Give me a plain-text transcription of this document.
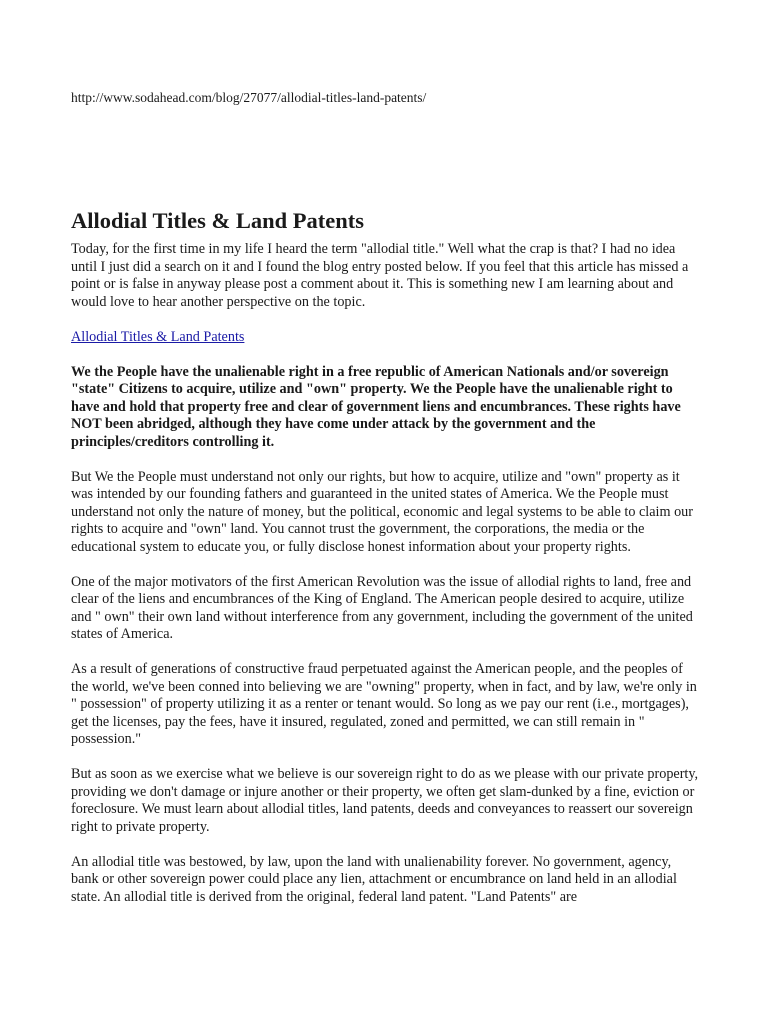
http://www.sodahead.com/blog/27077/allodial-titles-land-patents/
Allodial Titles & Land Patents

Today, for the first time in my life I heard the term "allodial title." Well what the crap is that? I had no idea until I just did a search on it and I found the blog entry posted below. If you feel that this article has missed a point or is false in anyway please post a comment about it. This is something new I am learning about and would love to hear another perspective on the topic.

Allodial Titles & Land Patents

We the People have the unalienable right in a free republic of American Nationals and/or sovereign "state" Citizens to acquire, utilize and "own" property. We the People have the unalienable right to have and hold that property free and clear of government liens and encumbrances. These rights have NOT been abridged, although they have come under attack by the government and the principles/creditors controlling it.

But We the People must understand not only our rights, but how to acquire, utilize and "own" property as it was intended by our founding fathers and guaranteed in the united states of America. We the People must understand not only the nature of money, but the political, economic and legal systems to be able to claim our rights to acquire and "own" land. You cannot trust the government, the corporations, the media or the educational system to educate you, or fully disclose honest information about your property rights.

One of the major motivators of the first American Revolution was the issue of allodial rights to land, free and clear of the liens and encumbrances of the King of England. The American people desired to acquire, utilize and " own" their own land without interference from any government, including the government of the united states of America.

As a result of generations of constructive fraud perpetuated against the American people, and the peoples of the world, we've been conned into believing we are "owning" property, when in fact, and by law, we're only in " possession" of property utilizing it as a renter or tenant would. So long as we pay our rent (i.e., mortgages), get the licenses, pay the fees, have it insured, regulated, zoned and permitted, we can still remain in " possession."

But as soon as we exercise what we believe is our sovereign right to do as we please with our private property, providing we don't damage or injure another or their property, we often get slam-dunked by a fine, eviction or foreclosure. We must learn about allodial titles, land patents, deeds and conveyances to reassert our sovereign right to private property.

An allodial title was bestowed, by law, upon the land with unalienability forever. No government, agency, bank or other sovereign power could place any lien, attachment or encumbrance on land held in an allodial state. An allodial title is derived from the original, federal land patent. "Land Patents" are
